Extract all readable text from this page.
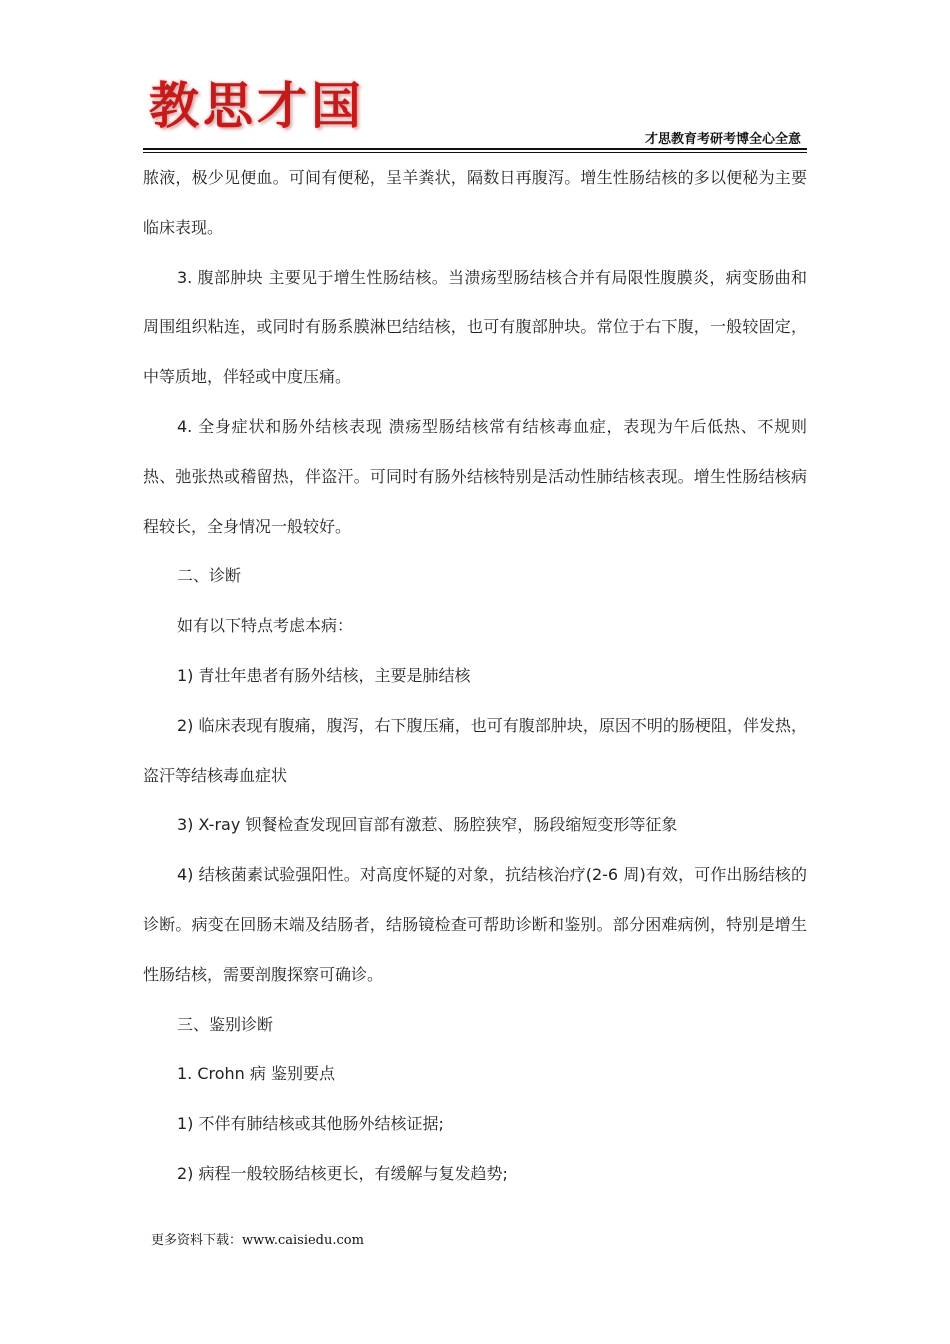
教思才国
才思教育考研考博全心全意

脓液，极少见便血。可间有便秘，呈羊粪状，隔数日再腹泻。增生性肠结核的多以便秘为主要临床表现。

3. 腹部肿块 主要见于增生性肠结核。当溃疡型肠结核合并有局限性腹膜炎，病变肠曲和周围组织粘连，或同时有肠系膜淋巴结结核，也可有腹部肿块。常位于右下腹，一般较固定，中等质地，伴轻或中度压痛。

4. 全身症状和肠外结核表现 溃疡型肠结核常有结核毒血症，表现为午后低热、不规则热、弛张热或稽留热，伴盗汗。可同时有肠外结核特别是活动性肺结核表现。增生性肠结核病程较长，全身情况一般较好。

二、诊断

如有以下特点考虑本病：

1) 青壮年患者有肠外结核，主要是肺结核

2) 临床表现有腹痛，腹泻，右下腹压痛，也可有腹部肿块，原因不明的肠梗阻，伴发热，盗汗等结核毒血症状

3) X-ray 钡餐检查发现回盲部有激惹、肠腔狭窄，肠段缩短变形等征象

4) 结核菌素试验强阳性。对高度怀疑的对象，抗结核治疗(2-6 周)有效，可作出肠结核的诊断。病变在回肠末端及结肠者，结肠镜检查可帮助诊断和鉴别。部分困难病例，特别是增生性肠结核，需要剖腹探察可确诊。

三、鉴别诊断

1. Crohn 病 鉴别要点

1) 不伴有肺结核或其他肠外结核证据;

2) 病程一般较肠结核更长，有缓解与复发趋势;

更多资料下载：www.caisiedu.com
